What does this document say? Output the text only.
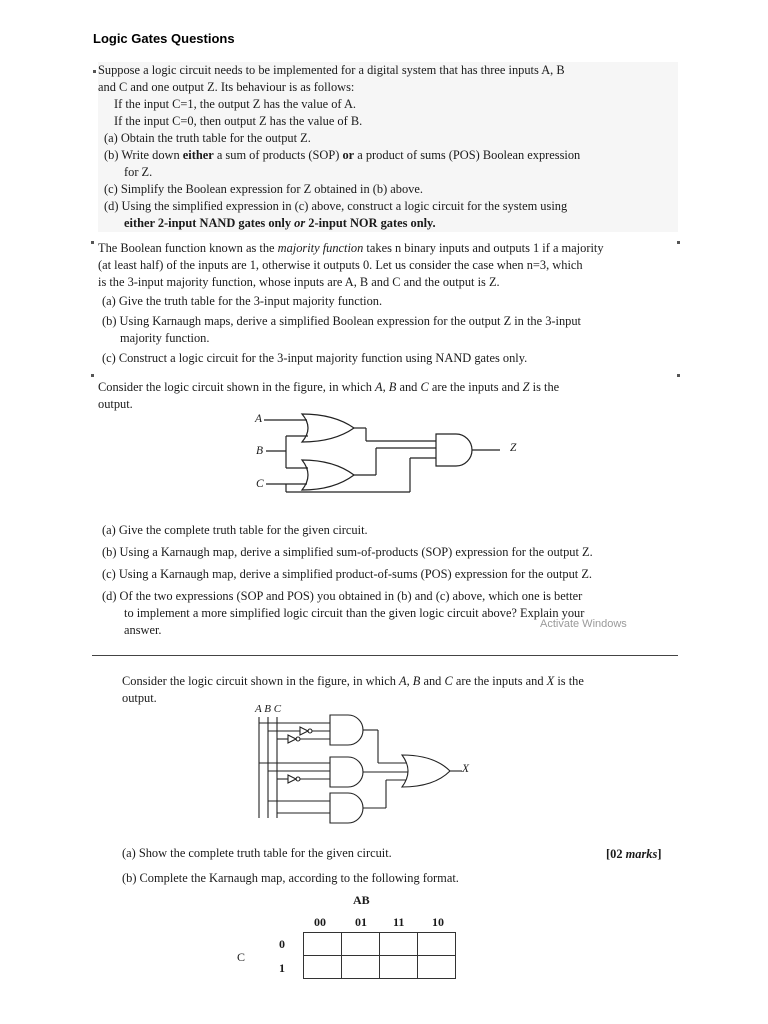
Logic Gates Questions
Suppose a logic circuit needs to be implemented for a digital system that has three inputs A, B
and C and one output Z. Its behaviour is as follows:
If the input C=1, the output Z has the value of A.
If the input C=0, then output Z has the value of B.
(a) Obtain the truth table for the output Z.
(b) Write down either a sum of products (SOP) or a product of sums (POS) Boolean expression
for Z.
(c) Simplify the Boolean expression for Z obtained in (b) above.
(d) Using the simplified expression in (c) above, construct a logic circuit for the system using
either 2-input NAND gates only or 2-input NOR gates only.

The Boolean function known as the majority function takes n binary inputs and outputs 1 if a majority

(at least half) of the inputs are 1, otherwise it outputs 0. Let us consider the case when n=3, which

is the 3-input majority function, whose inputs are A, B and C and the output is Z.

(a) Give the truth table for the 3-input majority function.

(b) Using Karnaugh maps, derive a simplified Boolean expression for the output Z in the 3-input

majority function.

(c) Construct a logic circuit for the 3-input majority function using NAND gates only.

Consider the logic circuit shown in the figure, in which A, B and C are the inputs and Z is the

output.

(a) Give the complete truth table for the given circuit.

(b) Using a Karnaugh map, derive a simplified sum-of-products (SOP) expression for the output Z.

(c) Using a Karnaugh map, derive a simplified product-of-sums (POS) expression for the output Z.

(d) Of the two expressions (SOP and POS) you obtained in (b) and (c) above, which one is better

to implement a more simplified logic circuit than the given logic circuit above? Explain your

answer.

A
B
C
Z
Activate Windows

Consider the logic circuit shown in the figure, in which A, B and C are the inputs and X is the

output.

A B C
X
(a) Show the complete truth table for the given circuit.	[02 marks]
(b) Complete the Karnaugh map, according to the following format.
AB
00 01 11 10
C
0
1
